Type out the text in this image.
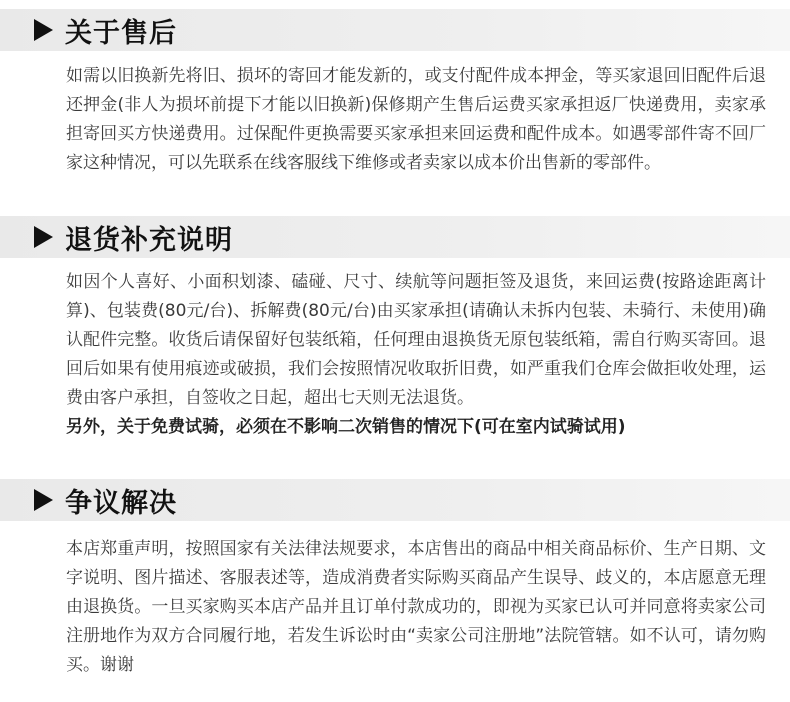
关于售后

如需以旧换新先将旧、损坏的寄回才能发新的，或支付配件成本押金，等买家退回旧配件后退还押金(非人为损坏前提下才能以旧换新)保修期产生售后运费买家承担返厂快递费用，卖家承担寄回买方快递费用。过保配件更换需要买家承担来回运费和配件成本。如遇零部件寄不回厂家这种情况，可以先联系在线客服线下维修或者卖家以成本价出售新的零部件。

退货补充说明

如因个人喜好、小面积划漆、磕碰、尺寸、续航等问题拒签及退货，来回运费(按路途距离计算)、包装费(80元/台)、拆解费(80元/台)由买家承担(请确认未拆内包装、未骑行、未使用)确认配件完整。收货后请保留好包装纸箱，任何理由退换货无原包装纸箱，需自行购买寄回。退回后如果有使用痕迹或破损，我们会按照情况收取折旧费，如严重我们仓库会做拒收处理，运费由客户承担，自签收之日起，超出七天则无法退货。

另外，关于免费试骑，必须在不影响二次销售的情况下(可在室内试骑试用)

争议解决

本店郑重声明，按照国家有关法律法规要求，本店售出的商品中相关商品标价、生产日期、文字说明、图片描述、客服表述等，造成消费者实际购买商品产生误导、歧义的，本店愿意无理由退换货。一旦买家购买本店产品并且订单付款成功的，即视为买家已认可并同意将卖家公司注册地作为双方合同履行地，若发生诉讼时由“卖家公司注册地”法院管辖。如不认可，请勿购买。谢谢
